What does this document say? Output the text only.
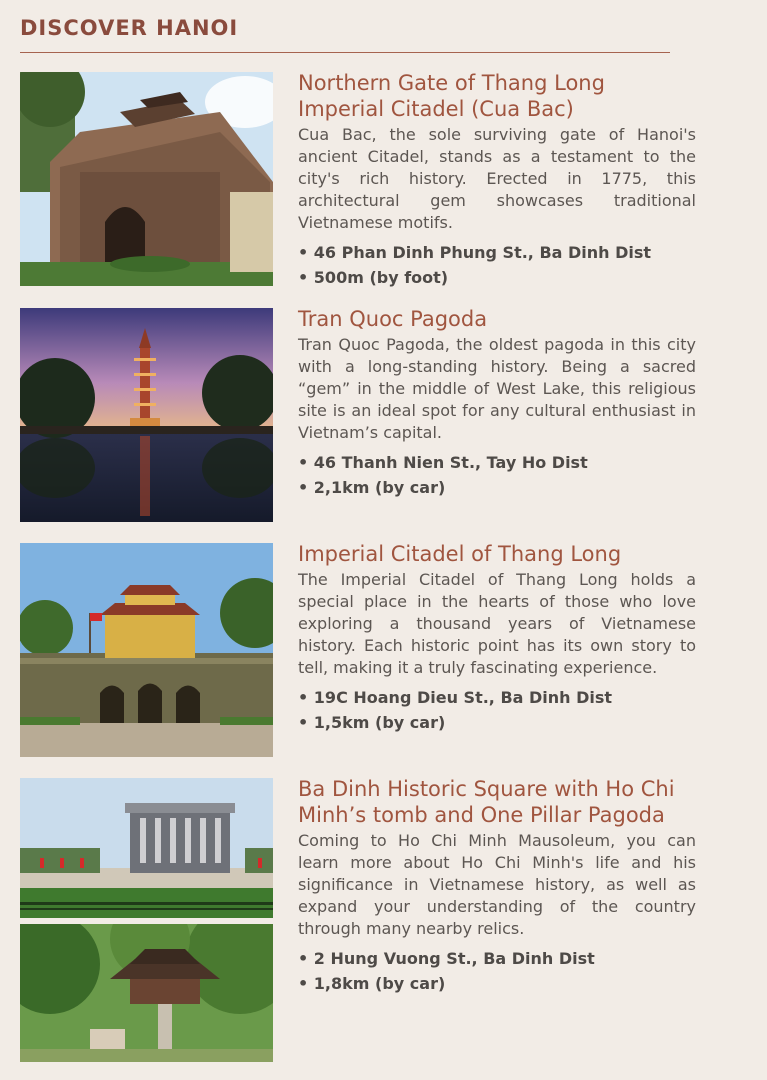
DISCOVER HANOI
Northern Gate of Thang Long Imperial Citadel (Cua Bac)

Cua Bac, the sole surviving gate of Hanoi's ancient Citadel, stands as a testament to the city's rich history. Erected in 1775, this architectural gem showcases traditional Vietnamese motifs.

• 46 Phan Dinh Phung St., Ba Dinh Dist
• 500m (by foot)
Tran Quoc Pagoda

Tran Quoc Pagoda, the oldest pagoda in this city with a long-standing history. Being a sacred “gem” in the middle of West Lake, this religious site is an ideal spot for any cultural enthusiast in Vietnam’s capital.

• 46 Thanh Nien St., Tay Ho Dist
• 2,1km (by car)
Imperial Citadel of Thang Long

The Imperial Citadel of Thang Long holds a special place in the hearts of those who love exploring a thousand years of Vietnamese history. Each historic point has its own story to tell, making it a truly fascinating experience.

• 19C Hoang Dieu St., Ba Dinh Dist
• 1,5km (by car)
Ba Dinh Historic Square with Ho Chi Minh’s tomb and One Pillar Pagoda

Coming to Ho Chi Minh Mausoleum, you can learn more about Ho Chi Minh's life and his significance in Vietnamese history, as well as expand your understanding of the country through many nearby relics.

• 2 Hung Vuong St., Ba Dinh Dist
• 1,8km (by car)
